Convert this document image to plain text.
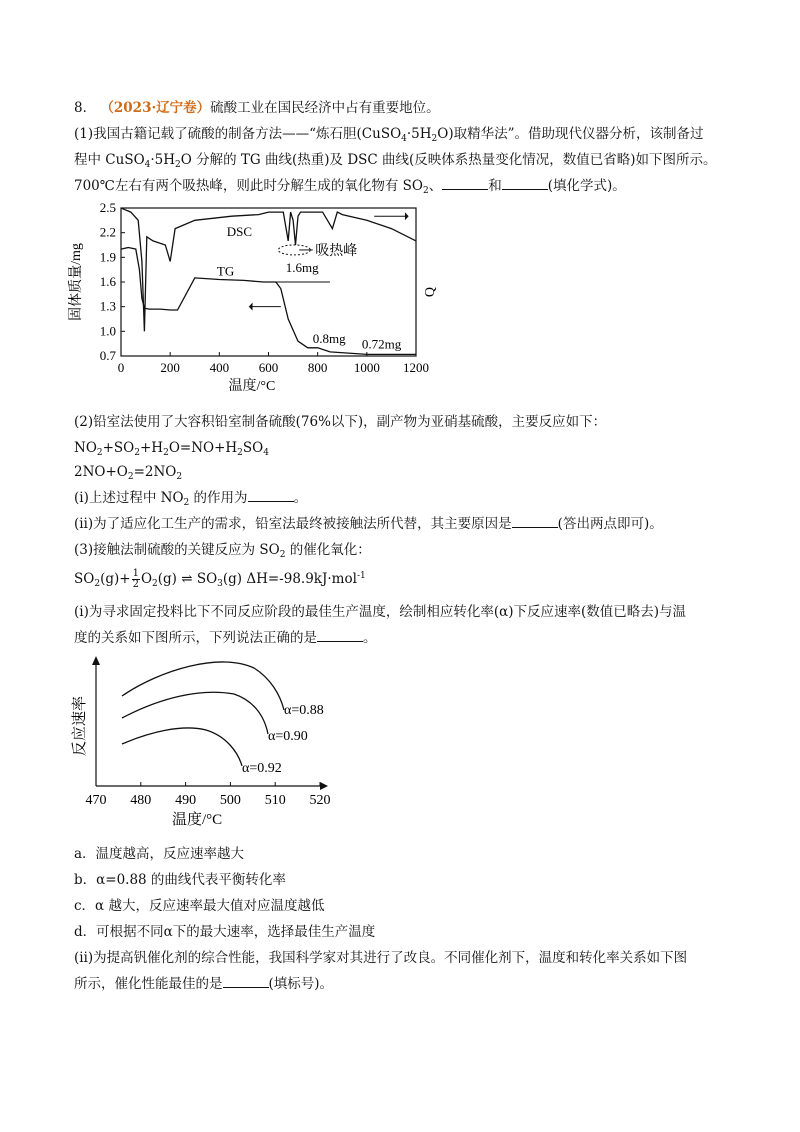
8． （2023·辽宁卷）硫酸工业在国民经济中占有重要地位。
(1)我国古籍记载了硫酸的制备方法——“炼石胆$(CuSO_4\cdot 5H_2O)$取精华法”。借助现代仪器分析，该制备过
程中 $CuSO_4\cdot 5H_2O$ 分解的 TG 曲线(热重)及 DSC 曲线(反映体系热量变化情况，数值已省略)如下图所示。
700℃左右有两个吸热峰，则此时分解生成的氧化物有 $SO_2$、	和	(填化学式)。
0	200 400 600 800 1000 1200
0.7
1.0
1.3
1.6
1.9
2.2
2.5
温度/°C
固体质量/mg	Q
DSC
吸热峰
TG	1.6mg
0.8mg 0.72mg
(2)铅室法使用了大容积铅室制备硫酸(76%以下)，副产物为亚硝基硫酸，主要反应如下：
$NO_2+SO_2+H_2O=NO+H_2SO_4$
$2NO+O_2=2NO_2$
(ⅰ)上述过程中 $NO_2$ 的作用为	。
(ⅱ)为了适应化工生产的需求，铅室法最终被接触法所代替，其主要原因是	(答出两点即可)。
(3)接触法制硫酸的关键反应为 $SO_2$ 的催化氧化：
$SO_2(g)+ \frac{1}{2} O_2(g)$ ⇌ $SO_3(g)$ ΔH=-98.9kJ·mol$^{-1}$
(ⅰ)为寻求固定投料比下不同反应阶段的最佳生产温度，绘制相应转化率(α)下反应速率(数值已略去)与温
度的关系如下图所示，下列说法正确的是	。
470 480 490 500 510 520
温度/°C
反应速率	α=0.88
α=0.90
α=0.92
a．温度越高，反应速率越大
b．α=0.88 的曲线代表平衡转化率
c．α 越大，反应速率最大值对应温度越低
d．可根据不同α下的最大速率，选择最佳生产温度
(ⅱ)为提高钒催化剂的综合性能，我国科学家对其进行了改良。不同催化剂下，温度和转化率关系如下图
所示，催化性能最佳的是	(填标号)。
